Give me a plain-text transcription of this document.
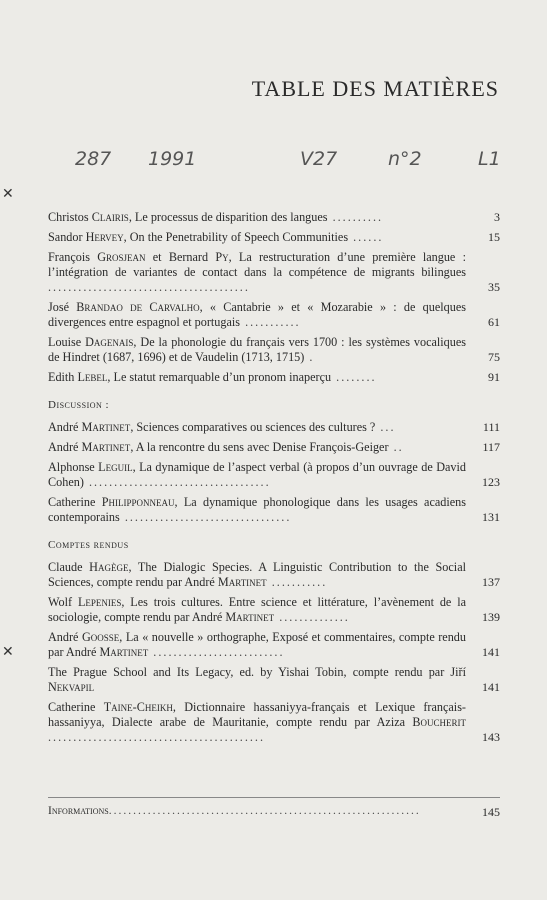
TABLE DES MATIÈRES
287 1991	V27	n°2	L1
✕
✕
Christos Clairis, Le processus de disparition des langues ..........	3
Sandor Hervey, On the Penetrability of Speech Communities ......	15
François Grosjean et Bernard Py, La restructuration d’une première langue : l’intégration de variantes de contact dans la compétence de migrants bilingues ........................................	35
José Brandao de Carvalho, « Cantabrie » et « Mozarabie » : de quelques divergences entre espagnol et portugais ...........	61
Louise Dagenais, De la phonologie du français vers 1700 : les systèmes vocaliques de Hindret (1687, 1696) et de Vaudelin (1713, 1715) .	75
Edith Lebel, Le statut remarquable d’un pronom inaperçu ........	91
Discussion :
André Martinet, Sciences comparatives ou sciences des cultures ? ...	111
André Martinet, A la rencontre du sens avec Denise François-Geiger ..	117
Alphonse Leguil, La dynamique de l’aspect verbal (à propos d’un ouvrage de David Cohen) ....................................	123
Catherine Philipponneau, La dynamique phonologique dans les usages acadiens contemporains .................................	131
Comptes rendus
Claude Hagège, The Dialogic Species. A Linguistic Contribution to the Social Sciences, compte rendu par André Martinet ...........	137
Wolf Lepenies, Les trois cultures. Entre science et littérature, l’avènement de la sociologie, compte rendu par André Martinet ..............	139
André Goosse, La « nouvelle » orthographe, Exposé et commentaires, compte rendu par André Martinet ..........................	141
The Prague School and Its Legacy, ed. by Yishai Tobin, compte rendu par Jiří Nekvapil	141
Catherine Taine-Cheikh, Dictionnaire hassaniyya-français et Lexique français-hassaniyya, Dialecte arabe de Mauritanie, compte rendu par Aziza Boucherit ...........................................	143
Informations................................................................	145
